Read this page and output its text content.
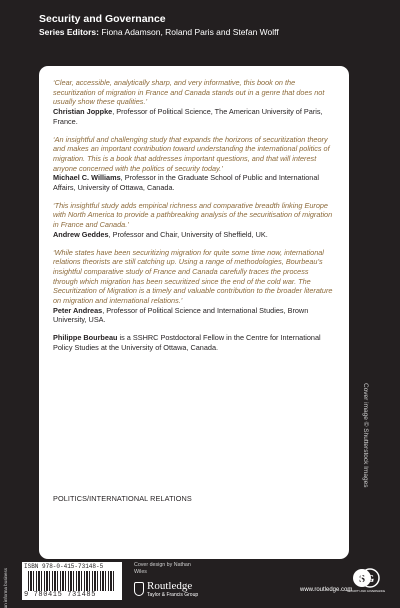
Security and Governance
Series Editors: Fiona Adamson, Roland Paris and Stefan Wolff
‘Clear, accessible, analytically sharp, and very informative, this book on the securitization of migration in France and Canada stands out in a genre that does not usually show these qualities.’
Christian Joppke, Professor of Political Science, The American University of Paris, France.
‘An insightful and challenging study that expands the horizons of securitization theory and makes an important contribution toward understanding the international politics of migration. This is a book that addresses important questions, and that will interest anyone concerned with the politics of security today.’
Michael C. Williams, Professor in the Graduate School of Public and International Affairs, University of Ottawa, Canada.
‘This insightful study adds empirical richness and comparative breadth linking Europe with North America to provide a pathbreaking analysis of the securitisation of migration in France and Canada.’
Andrew Geddes, Professor and Chair, University of Sheffield, UK.
‘While states have been securitizing migration for quite some time now, international relations theorists are still catching up. Using a range of methodologies, Bourbeau’s insightful comparative study of France and Canada carefully traces the process through which migration has been securitized since the end of the cold war. The Securitization of Migration is a timely and valuable contribution to the broader literature on migration and international relations.’
Peter Andreas, Professor of Political Science and International Studies, Brown University, USA.
Philippe Bourbeau is a SSHRC Postdoctoral Fellow in the Centre for International Policy Studies at the University of Ottawa, Canada.
POLITICS/INTERNATIONAL RELATIONS
Cover image © Shutterstock Images
an informa business
ISBN 978-0-415-73148-5
9 780415 731485
Cover design by Nathan Wiles
Routledge
Taylor & Francis Group
www.routledge.com
S G
SECURITY AND GOVERNANCE
